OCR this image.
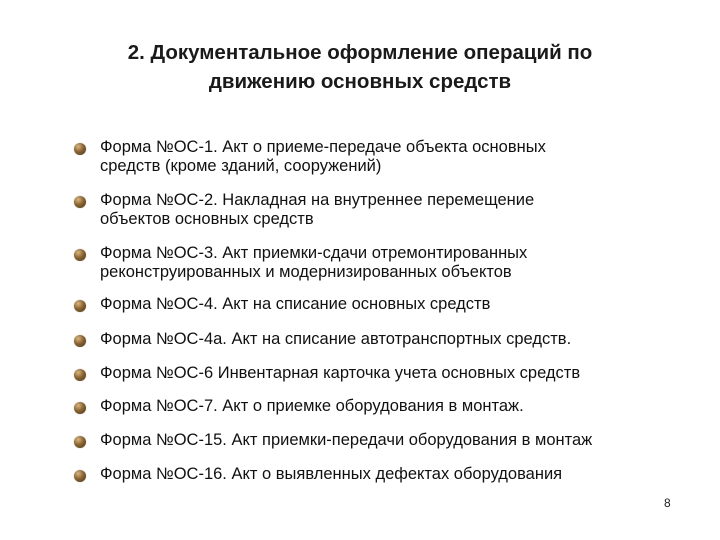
2. Документальное оформление операций по
движению основных средств
Форма №ОС-1. Акт о приеме-передаче объекта основных
средств (кроме зданий, сооружений)
Форма №ОС-2. Накладная на внутреннее перемещение
объектов основных средств
Форма №ОС-3. Акт приемки-сдачи отремонтированных
реконструированных и модернизированных объектов
Форма №ОС-4. Акт на списание основных средств
Форма №ОС-4а. Акт на списание автотранспортных средств.
Форма №ОС-6 Инвентарная карточка учета основных средств
Форма №ОС-7. Акт о приемке оборудования в монтаж.
Форма №ОС-15. Акт приемки-передачи оборудования в монтаж
Форма №ОС-16. Акт о выявленных дефектах оборудования
8
